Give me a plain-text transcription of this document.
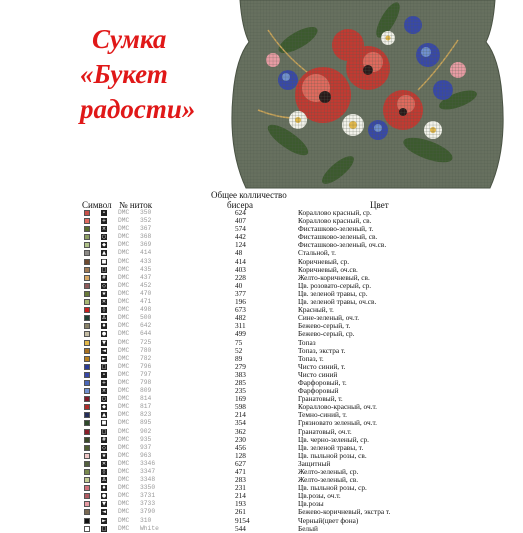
Сумка
«Букет
радости»
Общее колличество
Символ № ниток	бисера	Цвет
• DMC 350	624	Кораллово красный, ср.
+ DMC 352	407	Кораллово красный, св.
× DMC 367	574	Фисташково-зеленый, т.
○ DMC 368	442	Фисташково-зеленый, св.
◆ DMC 369	124	Фисташково-зеленый, оч.св.
▲ DMC 414	48	Стальной, т.
■ DMC 433	414	Коричневый, ср.
□ DMC 435	403	Коричневый, оч.св.
# DMC 437	228	Желто-коричневый, св.
◇ DMC 452	40	Цв. розовато-серый, ср.
★ DMC 470	377	Цв. зеленой травы, ср.
✕ DMC 471	196	Цв. зеленой травы, оч.св.
◊ DMC 498	673	Красный, т.
∆ DMC 500	482	Сине-зеленый, оч.т.
♦ DMC 642	311	Бежево-серый, т.
● DMC 644	499	Бежево-серый, ср.
▼ DMC 725	75	Топаз
◄ DMC 780	52	Топаз, экстра т.
► DMC 782	89	Топаз, т.
□ DMC 796	279	Чисто синий, т.
• DMC 797	383	Чисто синий
+ DMC 798	285	Фарфоровый, т.
× DMC 809	235	Фарфоровый
○ DMC 814	169	Гранатовый, т.
◆ DMC 817	598	Кораллово-красный, оч.т.
▲ DMC 823	214	Темно-синий, т.
■ DMC 895	354	Грязновато зеленый, оч.т.
□ DMC 902	362	Гранатовый, оч.т.
# DMC 935	230	Цв. черно-зеленый, ср.
◇ DMC 937	456	Цв. зеленой травы, т.
★ DMC 963	128	Цв. пыльной розы, св.
✕ DMC 3346	627	Защитный
◊ DMC 3347	471	Желто-зеленый, ср.
∆ DMC 3348	283	Желто-зеленый, св.
♦ DMC 3350	231	Цв. пыльной розы, ср.
● DMC 3731	214	Цв.розы, оч.т.
▼ DMC 3733	193	Цв.розы
◄ DMC 3790	261	Бежево-коричневый, экстра т.
► DMC 310	9154	Черный(цвет фона)
□ DMC White	544	Белый
